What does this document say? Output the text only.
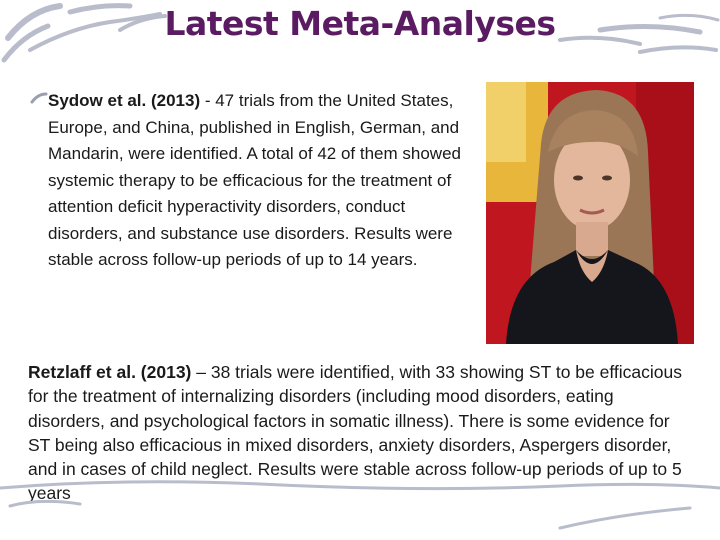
Latest Meta-Analyses
Sydow et al. (2013) - 47 trials from the United States, Europe, and China, published in English, German, and Mandarin, were identified. A total of 42 of them showed systemic therapy to be efficacious for the treatment of attention deficit hyperactivity disorders, conduct disorders, and substance use disorders. Results were stable across follow-up periods of up to 14 years.
Retzlaff et al. (2013) – 38 trials were identified, with 33 showing ST to be efficacious for the treatment of internalizing disorders (including mood disorders, eating disorders, and psychological factors in somatic illness). There is some evidence for ST being also efficacious in mixed disorders, anxiety disorders, Aspergers disorder, and in cases of child neglect. Results were stable across follow-up periods of up to 5 years
